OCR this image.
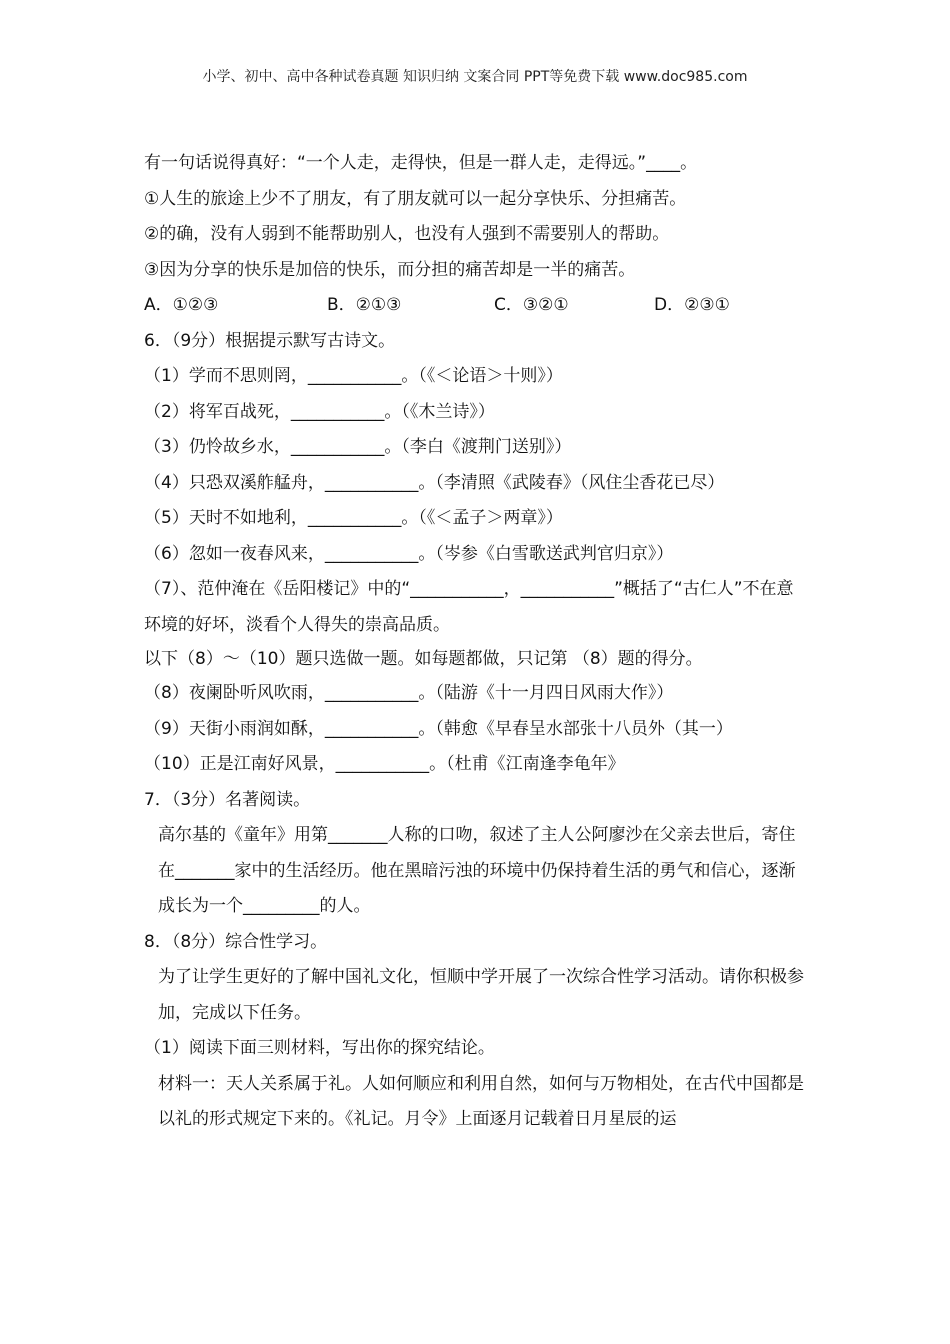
小学、初中、高中各种试卷真题 知识归纳 文案合同 PPT等免费下载 www.doc985.com
有一句话说得真好：“一个人走，走得快，但是一群人走，走得远。”____。
①人生的旅途上少不了朋友，有了朋友就可以一起分享快乐、分担痛苦。
②的确，没有人弱到不能帮助别人，也没有人强到不需要别人的帮助。
③因为分享的快乐是加倍的快乐，而分担的痛苦却是一半的痛苦。
A．①②③	B．②①③	C．③②①	D．②③①
6．（9分）根据提示默写古诗文。
（1）学而不思则罔，___________。（《＜论语＞十则》）
（2）将军百战死，___________。（《木兰诗》）
（3）仍怜故乡水，___________。（李白《渡荆门送别》）
（4）只恐双溪舴艋舟，___________。（李清照《武陵春》（风住尘香花已尽）
（5）天时不如地利，___________。（《＜孟子＞两章》）
（6）忽如一夜春风来，___________。（岑参《白雪歌送武判官归京》）
（7）、范仲淹在《岳阳楼记》中的“___________，___________”概括了“古仁人”不在意环境的好坏，淡看个人得失的崇高品质。
以下（8）～（10）题只选做一题。如每题都做，只记第 （8）题的得分。
（8）夜阑卧听风吹雨，___________。（陆游《十一月四日风雨大作》）
（9）天街小雨润如酥，___________。（韩愈《早春呈水部张十八员外（其一）
（10）正是江南好风景，___________。（杜甫《江南逢李龟年》
7．（3分）名著阅读。
高尔基的《童年》用第_______人称的口吻，叙述了主人公阿廖沙在父亲去世后，寄住在_______家中的生活经历。他在黑暗污浊的环境中仍保持着生活的勇气和信心，逐渐成长为一个_________的人。
8．（8分）综合性学习。
为了让学生更好的了解中国礼文化，恒顺中学开展了一次综合性学习活动。请你积极参加，完成以下任务。
（1）阅读下面三则材料，写出你的探究结论。
材料一：天人关系属于礼。人如何顺应和利用自然，如何与万物相处，在古代中国都是以礼的形式规定下来的。《礼记。月令》上面逐月记载着日月星辰的运
